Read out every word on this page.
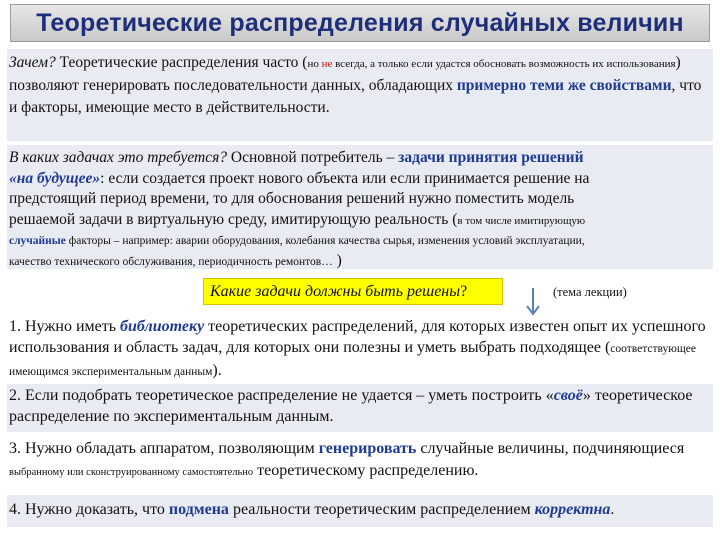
Теоретические распределения случайных величин
Зачем? Теоретические распределения часто (но не всегда, а только если удастся обосновать возможность их использования) позволяют генерировать последовательности данных, обладающих примерно теми же свойствами, что и факторы, имеющие место в действительности.
В каких задачах это требуется? Основной потребитель – задачи принятия решений
«на будущее»: если создается проект нового объекта или если принимается решение на
предстоящий период времени, то для обоснования решений нужно поместить модель
решаемой задачи в виртуальную среду, имитирующую реальность (в том числе имитирующую
случайные факторы – например: аварии оборудования, колебания качества сырья, изменения условий эксплуатации,
качество технического обслуживания, периодичность ремонтов… )
Какие задачи должны быть решены ?	(тема лекции)
1. Нужно иметь библиотеку теоретических распределений, для которых известен опыт их успешного использования и область задач, для которых они полезны и уметь выбрать подходящее (соответствующее имеющимся экспериментальным данным).
2. Если подобрать теоретическое распределение не удается – уметь построить «своё» теоретическое распределение по экспериментальным данным.
3. Нужно обладать аппаратом, позволяющим генерировать случайные величины, подчиняющиеся выбранному или сконструированному самостоятельно теоретическому распределению.
4. Нужно доказать, что подмена реальности теоретическим распределением корректна.
